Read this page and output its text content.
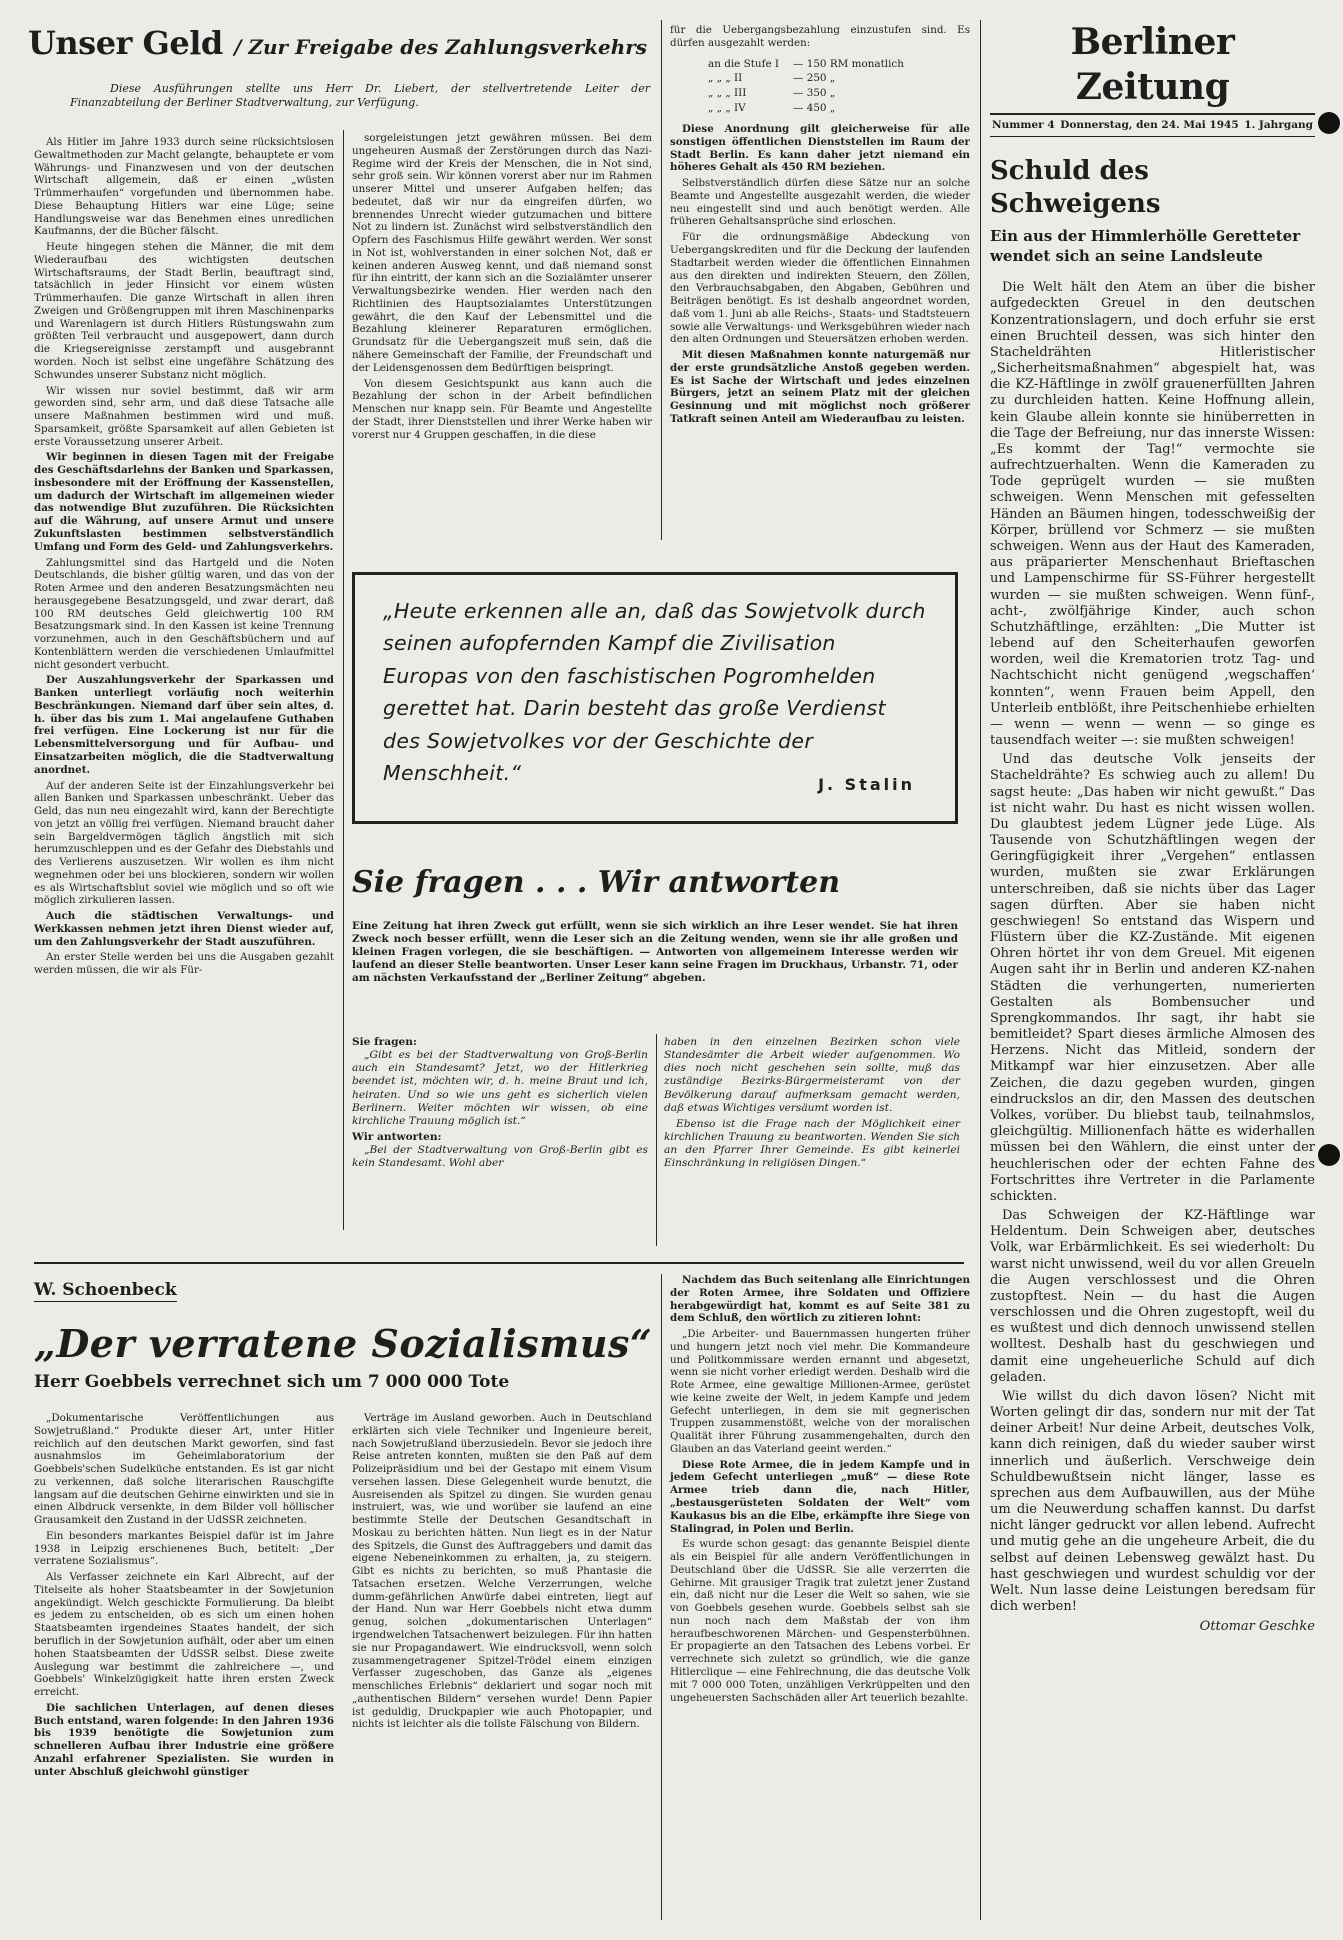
Unser Geld / Zur Freigabe des Zahlungsverkehrs
Diese Ausführungen stellte uns Herr Dr. Liebert, der stellvertretende Leiter der Finanzabteilung der Berliner Stadtverwaltung, zur Verfügung.

Als Hitler im Jahre 1933 durch seine rücksichtslosen Gewaltmethoden zur Macht gelangte, behauptete er vom Währungs- und Finanzwesen und von der deutschen Wirtschaft allgemein, daß er einen „wüsten Trümmerhaufen“ vorgefunden und übernommen habe. Diese Behauptung Hitlers war eine Lüge; seine Handlungsweise war das Benehmen eines unredlichen Kaufmanns, der die Bücher fälscht.

Heute hingegen stehen die Männer, die mit dem Wiederaufbau des wichtigsten deutschen Wirtschaftsraums, der Stadt Berlin, beauftragt sind, tatsächlich in jeder Hinsicht vor einem wüsten Trümmerhaufen. Die ganze Wirtschaft in allen ihren Zweigen und Größengruppen mit ihren Maschinenparks und Warenlagern ist durch Hitlers Rüstungswahn zum größten Teil verbraucht und ausgepowert, dann durch die Kriegsereignisse zerstampft und ausgebrannt worden. Noch ist selbst eine ungefähre Schätzung des Schwundes unserer Substanz nicht möglich.

Wir wissen nur soviel bestimmt, daß wir arm geworden sind, sehr arm, und daß diese Tatsache alle unsere Maßnahmen bestimmen wird und muß. Sparsamkeit, größte Sparsamkeit auf allen Gebieten ist erste Voraussetzung unserer Arbeit.

Wir beginnen in diesen Tagen mit der Freigabe des Geschäftsdarlehns der Banken und Sparkassen, insbesondere mit der Eröffnung der Kassenstellen, um dadurch der Wirtschaft im allgemeinen wieder das notwendige Blut zuzuführen. Die Rücksichten auf die Währung, auf unsere Armut und unsere Zukunftslasten bestimmen selbstverständlich Umfang und Form des Geld- und Zahlungsverkehrs.

Zahlungsmittel sind das Hartgeld und die Noten Deutschlands, die bisher gültig waren, und das von der Roten Armee und den anderen Besatzungsmächten neu herausgegebene Besatzungsgeld, und zwar derart, daß 100 RM deutsches Geld gleichwertig 100 RM Besatzungsmark sind. In den Kassen ist keine Trennung vorzunehmen, auch in den Geschäftsbüchern und auf Kontenblättern werden die verschiedenen Umlaufmittel nicht gesondert verbucht.

Der Auszahlungsverkehr der Sparkassen und Banken unterliegt vorläufig noch weiterhin Beschränkungen. Niemand darf über sein altes, d. h. über das bis zum 1. Mai angelaufene Guthaben frei verfügen. Eine Lockerung ist nur für die Lebensmittelversorgung und für Aufbau- und Einsatzarbeiten möglich, die die Stadtverwaltung anordnet.

Auf der anderen Seite ist der Einzahlungsverkehr bei allen Banken und Sparkassen unbeschränkt. Ueber das Geld, das nun neu eingezahlt wird, kann der Berechtigte von jetzt an völlig frei verfügen. Niemand braucht daher sein Bargeldvermögen täglich ängstlich mit sich herumzuschleppen und es der Gefahr des Diebstahls und des Verlierens auszusetzen. Wir wollen es ihm nicht wegnehmen oder bei uns blockieren, sondern wir wollen es als Wirtschaftsblut soviel wie möglich und so oft wie möglich zirkulieren lassen.

Auch die städtischen Verwaltungs- und Werkkassen nehmen jetzt ihren Dienst wieder auf, um den Zahlungsverkehr der Stadt auszuführen.

An erster Stelle werden bei uns die Ausgaben gezahlt werden müssen, die wir als Für-

sorgeleistungen jetzt gewähren müssen. Bei dem ungeheuren Ausmaß der Zerstörungen durch das Nazi-Regime wird der Kreis der Menschen, die in Not sind, sehr groß sein. Wir können vorerst aber nur im Rahmen unserer Mittel und unserer Aufgaben helfen; das bedeutet, daß wir nur da eingreifen dürfen, wo brennendes Unrecht wieder gutzumachen und bittere Not zu lindern ist. Zunächst wird selbstverständlich den Opfern des Faschismus Hilfe gewährt werden. Wer sonst in Not ist, wohlverstanden in einer solchen Not, daß er keinen anderen Ausweg kennt, und daß niemand sonst für ihn eintritt, der kann sich an die Sozialämter unserer Verwaltungsbezirke wenden. Hier werden nach den Richtlinien des Hauptsozialamtes Unterstützungen gewährt, die den Kauf der Lebensmittel und die Bezahlung kleinerer Reparaturen ermöglichen. Grundsatz für die Uebergangszeit muß sein, daß die nähere Gemeinschaft der Familie, der Freundschaft und der Leidensgenossen dem Bedürftigen beispringt.

Von diesem Gesichtspunkt aus kann auch die Bezahlung der schon in der Arbeit befindlichen Menschen nur knapp sein. Für Beamte und Angestellte der Stadt, ihrer Dienststellen und ihrer Werke haben wir vorerst nur 4 Gruppen geschaffen, in die diese

für die Uebergangsbezahlung einzustufen sind. Es dürfen ausgezahlt werden:

an die Stufe I	— 150 RM monatlich
„ „ „ II	— 250 „
„ „ „ III	— 350 „
„ „ „ IV	— 450 „

Diese Anordnung gilt gleicherweise für alle sonstigen öffentlichen Dienststellen im Raum der Stadt Berlin. Es kann daher jetzt niemand ein höheres Gehalt als 450 RM beziehen.

Selbstverständlich dürfen diese Sätze nur an solche Beamte und Angestellte ausgezahlt werden, die wieder neu eingestellt sind und auch benötigt werden. Alle früheren Gehaltsansprüche sind erloschen.

Für die ordnungsmäßige Abdeckung von Uebergangskrediten und für die Deckung der laufenden Stadtarbeit werden wieder die öffentlichen Einnahmen aus den direkten und indirekten Steuern, den Zöllen, den Verbrauchsabgaben, den Abgaben, Gebühren und Beiträgen benötigt. Es ist deshalb angeordnet worden, daß vom 1. Juni ab alle Reichs-, Staats- und Stadtsteuern sowie alle Verwaltungs- und Werksgebühren wieder nach den alten Ordnungen und Steuersätzen erhoben werden.

Mit diesen Maßnahmen konnte naturgemäß nur der erste grundsätzliche Anstoß gegeben werden. Es ist Sache der Wirtschaft und jedes einzelnen Bürgers, jetzt an seinem Platz mit der gleichen Gesinnung und mit möglichst noch größerer Tatkraft seinen Anteil am Wiederaufbau zu leisten.

Berliner Zeitung
Nummer 4 Donnerstag, den 24. Mai 1945 1. Jahrgang
Schuld des Schweigens
Ein aus der Himmlerhölle Geretteter wendet sich an seine Landsleute

Die Welt hält den Atem an über die bisher aufgedeckten Greuel in den deutschen Konzentrationslagern, und doch erfuhr sie erst einen Bruchteil dessen, was sich hinter den Stacheldrähten Hitleristischer „Sicherheitsmaßnahmen“ abgespielt hat, was die KZ-Häftlinge in zwölf grauenerfüllten Jahren zu durchleiden hatten. Keine Hoffnung allein, kein Glaube allein konnte sie hinüberretten in die Tage der Befreiung, nur das innerste Wissen: „Es kommt der Tag!“ vermochte sie aufrechtzuerhalten. Wenn die Kameraden zu Tode geprügelt wurden — sie mußten schweigen. Wenn Menschen mit gefesselten Händen an Bäumen hingen, todesschweißig der Körper, brüllend vor Schmerz — sie mußten schweigen. Wenn aus der Haut des Kameraden, aus präparierter Menschenhaut Brieftaschen und Lampenschirme für SS-Führer hergestellt wurden — sie mußten schweigen. Wenn fünf-, acht-, zwölfjährige Kinder, auch schon Schutzhäftlinge, erzählten: „Die Mutter ist lebend auf den Scheiterhaufen geworfen worden, weil die Krematorien trotz Tag- und Nachtschicht nicht genügend ‚wegschaffen‘ konnten“, wenn Frauen beim Appell, den Unterleib entblößt, ihre Peitschenhiebe erhielten — wenn — wenn — wenn — so ginge es tausendfach weiter —: sie mußten schweigen!

Und das deutsche Volk jenseits der Stacheldrähte? Es schwieg auch zu allem! Du sagst heute: „Das haben wir nicht gewußt.“ Das ist nicht wahr. Du hast es nicht wissen wollen. Du glaubtest jedem Lügner jede Lüge. Als Tausende von Schutzhäftlingen wegen der Geringfügigkeit ihrer „Vergehen“ entlassen wurden, mußten sie zwar Erklärungen unterschreiben, daß sie nichts über das Lager sagen dürften. Aber sie haben nicht geschwiegen! So entstand das Wispern und Flüstern über die KZ-Zustände. Mit eigenen Ohren hörtet ihr von dem Greuel. Mit eigenen Augen saht ihr in Berlin und anderen KZ-nahen Städten die verhungerten, numerierten Gestalten als Bombensucher und Sprengkommandos. Ihr sagt, ihr habt sie bemitleidet? Spart dieses ärmliche Almosen des Herzens. Nicht das Mitleid, sondern der Mitkampf war hier einzusetzen. Aber alle Zeichen, die dazu gegeben wurden, gingen eindruckslos an dir, den Massen des deutschen Volkes, vorüber. Du bliebst taub, teilnahmslos, gleichgültig. Millionenfach hätte es widerhallen müssen bei den Wählern, die einst unter der heuchlerischen oder der echten Fahne des Fortschrittes ihre Vertreter in die Parlamente schickten.

Das Schweigen der KZ-Häftlinge war Heldentum. Dein Schweigen aber, deutsches Volk, war Erbärmlichkeit. Es sei wiederholt: Du warst nicht unwissend, weil du vor allen Greueln die Augen verschlossest und die Ohren zustopftest. Nein — du hast die Augen verschlossen und die Ohren zugestopft, weil du es wußtest und dich dennoch unwissend stellen wolltest. Deshalb hast du geschwiegen und damit eine ungeheuerliche Schuld auf dich geladen.

Wie willst du dich davon lösen? Nicht mit Worten gelingt dir das, sondern nur mit der Tat deiner Arbeit! Nur deine Arbeit, deutsches Volk, kann dich reinigen, daß du wieder sauber wirst innerlich und äußerlich. Verschweige dein Schuldbewußtsein nicht länger, lasse es sprechen aus dem Aufbauwillen, aus der Mühe um die Neuwerdung schaffen kannst. Du darfst nicht länger gedruckt vor allen lebend. Aufrecht und mutig gehe an die ungeheure Arbeit, die du selbst auf deinen Lebensweg gewälzt hast. Du hast geschwiegen und wurdest schuldig vor der Welt. Nun lasse deine Leistungen beredsam für dich werben!

Ottomar Geschke
„Heute erkennen alle an, daß das Sowjetvolk durch seinen aufopfernden Kampf die Zivilisation Europas von den faschistischen Pogromhelden gerettet hat. Darin besteht das große Verdienst des Sowjetvolkes vor der Geschichte der Menschheit.“	J. Stalin
Sie fragen . . . Wir antworten
Eine Zeitung hat ihren Zweck gut erfüllt, wenn sie sich wirklich an ihre Leser wendet. Sie hat ihren Zweck noch besser erfüllt, wenn die Leser sich an die Zeitung wenden, wenn sie ihr alle großen und kleinen Fragen vorlegen, die sie beschäftigen. — Antworten von allgemeinem Interesse werden wir laufend an dieser Stelle beantworten. Unser Leser kann seine Fragen im Druckhaus, Urbanstr. 71, oder am nächsten Verkaufsstand der „Berliner Zeitung“ abgeben.
Sie fragen:

„Gibt es bei der Stadtverwaltung von Groß-Berlin auch ein Standesamt? Jetzt, wo der Hitlerkrieg beendet ist, möchten wir, d. h. meine Braut und ich, heiraten. Und so wie uns geht es sicherlich vielen Berlinern. Weiter möchten wir wissen, ob eine kirchliche Trauung möglich ist.“

Wir antworten:

„Bei der Stadtverwaltung von Groß-Berlin gibt es kein Standesamt. Wohl aber

haben in den einzelnen Bezirken schon viele Standesämter die Arbeit wieder aufgenommen. Wo dies noch nicht geschehen sein sollte, muß das zuständige Bezirks-Bürgermeisteramt von der Bevölkerung darauf aufmerksam gemacht werden, daß etwas Wichtiges versäumt worden ist.

Ebenso ist die Frage nach der Möglichkeit einer kirchlichen Trauung zu beantworten. Wenden Sie sich an den Pfarrer Ihrer Gemeinde. Es gibt keinerlei Einschränkung in religiösen Dingen.“

W. Schoenbeck
„Der verratene Sozialismus“
Herr Goebbels verrechnet sich um 7 000 000 Tote

„Dokumentarische Veröffentlichungen aus Sowjetrußland.“ Produkte dieser Art, unter Hitler reichlich auf den deutschen Markt geworfen, sind fast ausnahmslos im Geheimlaboratorium der Goebbels'schen Sudelküche entstanden. Es ist gar nicht zu verkennen, daß solche literarischen Rauschgifte langsam auf die deutschen Gehirne einwirkten und sie in einen Albdruck versenkte, in dem Bilder voll höllischer Grausamkeit den Zustand in der UdSSR zeichneten.

Ein besonders markantes Beispiel dafür ist im Jahre 1938 in Leipzig erschienenes Buch, betitelt: „Der verratene Sozialismus“.

Als Verfasser zeichnete ein Karl Albrecht, auf der Titelseite als hoher Staatsbeamter in der Sowjetunion angekündigt. Welch geschickte Formulierung. Da bleibt es jedem zu entscheiden, ob es sich um einen hohen Staatsbeamten irgendeines Staates handelt, der sich beruflich in der Sowjetunion aufhält, oder aber um einen hohen Staatsbeamten der UdSSR selbst. Diese zweite Auslegung war bestimmt die zahlreichere —, und Goebbels' Winkelzügigkeit hatte ihren ersten Zweck erreicht.

Die sachlichen Unterlagen, auf denen dieses Buch entstand, waren folgende: In den Jahren 1936 bis 1939 benötigte die Sowjetunion zum schnelleren Aufbau ihrer Industrie eine größere Anzahl erfahrener Spezialisten. Sie wurden in unter Abschluß gleichwohl günstiger

Verträge im Ausland geworben. Auch in Deutschland erklärten sich viele Techniker und Ingenieure bereit, nach Sowjetrußland überzusiedeln. Bevor sie jedoch ihre Reise antreten konnten, mußten sie den Paß auf dem Polizeipräsidium und bei der Gestapo mit einem Visum versehen lassen. Diese Gelegenheit wurde benutzt, die Ausreisenden als Spitzel zu dingen. Sie wurden genau instruiert, was, wie und worüber sie laufend an eine bestimmte Stelle der Deutschen Gesandtschaft in Moskau zu berichten hätten. Nun liegt es in der Natur des Spitzels, die Gunst des Auftraggebers und damit das eigene Nebeneinkommen zu erhalten, ja, zu steigern. Gibt es nichts zu berichten, so muß Phantasie die Tatsachen ersetzen. Welche Verzerrungen, welche dumm-gefährlichen Anwürfe dabei eintreten, liegt auf der Hand. Nun war Herr Goebbels nicht etwa dumm genug, solchen „dokumentarischen Unterlagen“ irgendwelchen Tatsachenwert beizulegen. Für ihn hatten sie nur Propagandawert. Wie eindrucksvoll, wenn solch zusammengetragener Spitzel-Trödel einem einzigen Verfasser zugeschoben, das Ganze als „eigenes menschliches Erlebnis“ deklariert und sogar noch mit „authentischen Bildern“ versehen wurde! Denn Papier ist geduldig, Druckpapier wie auch Photopapier, und nichts ist leichter als die tollste Fälschung von Bildern.

Nachdem das Buch seitenlang alle Einrichtungen der Roten Armee, ihre Soldaten und Offiziere herabgewürdigt hat, kommt es auf Seite 381 zu dem Schluß, den wörtlich zu zitieren lohnt:

„Die Arbeiter- und Bauernmassen hungerten früher und hungern jetzt noch viel mehr. Die Kommandeure und Politkommissare werden ernannt und abgesetzt, wenn sie nicht vorher erledigt werden. Deshalb wird die Rote Armee, eine gewaltige Millionen-Armee, gerüstet wie keine zweite der Welt, in jedem Kampfe und jedem Gefecht unterliegen, in dem sie mit gegnerischen Truppen zusammenstößt, welche von der moralischen Qualität ihrer Führung zusammengehalten, durch den Glauben an das Vaterland geeint werden.“

Diese Rote Armee, die in jedem Kampfe und in jedem Gefecht unterliegen „muß“ — diese Rote Armee trieb dann die, nach Hitler, „bestausgerüsteten Soldaten der Welt“ vom Kaukasus bis an die Elbe, erkämpfte ihre Siege von Stalingrad, in Polen und Berlin.

Es wurde schon gesagt: das genannte Beispiel diente als ein Beispiel für alle andern Veröffentlichungen in Deutschland über die UdSSR. Sie alle verzerrten die Gehirne. Mit grausiger Tragik trat zuletzt jener Zustand ein, daß nicht nur die Leser die Welt so sahen, wie sie von Goebbels gesehen wurde. Goebbels selbst sah sie nun noch nach dem Maßstab der von ihm heraufbeschworenen Märchen- und Gespensterbühnen. Er propagierte an den Tatsachen des Lebens vorbei. Er verrechnete sich zuletzt so gründlich, wie die ganze Hitlerclique — eine Fehlrechnung, die das deutsche Volk mit 7 000 000 Toten, unzähligen Verkrüppelten und den ungeheuersten Sachschäden aller Art teuerlich bezahlte.
